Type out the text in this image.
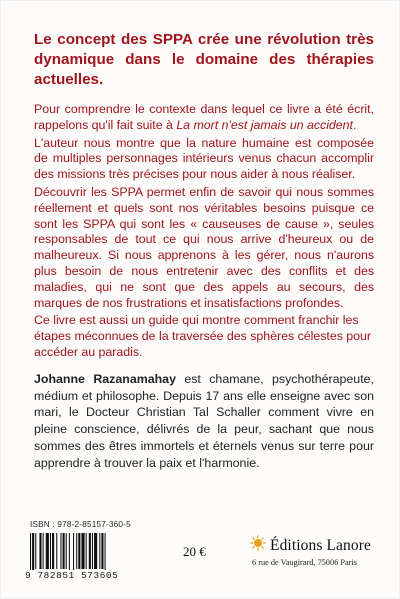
Le concept des SPPA crée une révolution très dynamique dans le domaine des thérapies actuelles.

Pour comprendre le contexte dans lequel ce livre a été écrit, rappelons qu'il fait suite à La mort n'est jamais un accident.

L'auteur nous montre que la nature humaine est composée de multiples personnages intérieurs venus chacun accomplir des missions très précises pour nous aider à nous réaliser.

Découvrir les SPPA permet enfin de savoir qui nous sommes réellement et quels sont nos véritables besoins puisque ce sont les SPPA qui sont les « causeuses de cause », seules responsables de tout ce qui nous arrive d'heureux ou de malheureux. Si nous apprenons à les gérer, nous n'aurons plus besoin de nous entretenir avec des conflits et des maladies, qui ne sont que des appels au secours, des marques de nos frustrations et insatisfactions profondes.

Ce livre est aussi un guide qui montre comment franchir les étapes méconnues de la traversée des sphères célestes pour accéder au paradis.

Johanne Razanamahay est chamane, psychothérapeute, médium et philosophe. Depuis 17 ans elle enseigne avec son mari, le Docteur Christian Tal Schaller comment vivre en pleine conscience, délivrés de la peur, sachant que nous sommes des êtres immortels et éternels venus sur terre pour apprendre à trouver la paix et l'harmonie.
ISBN : 978-2-85157-360-5
9 782851 573605
20 €	Éditions Lanore
6 rue de Vaugirard, 75006 Paris
